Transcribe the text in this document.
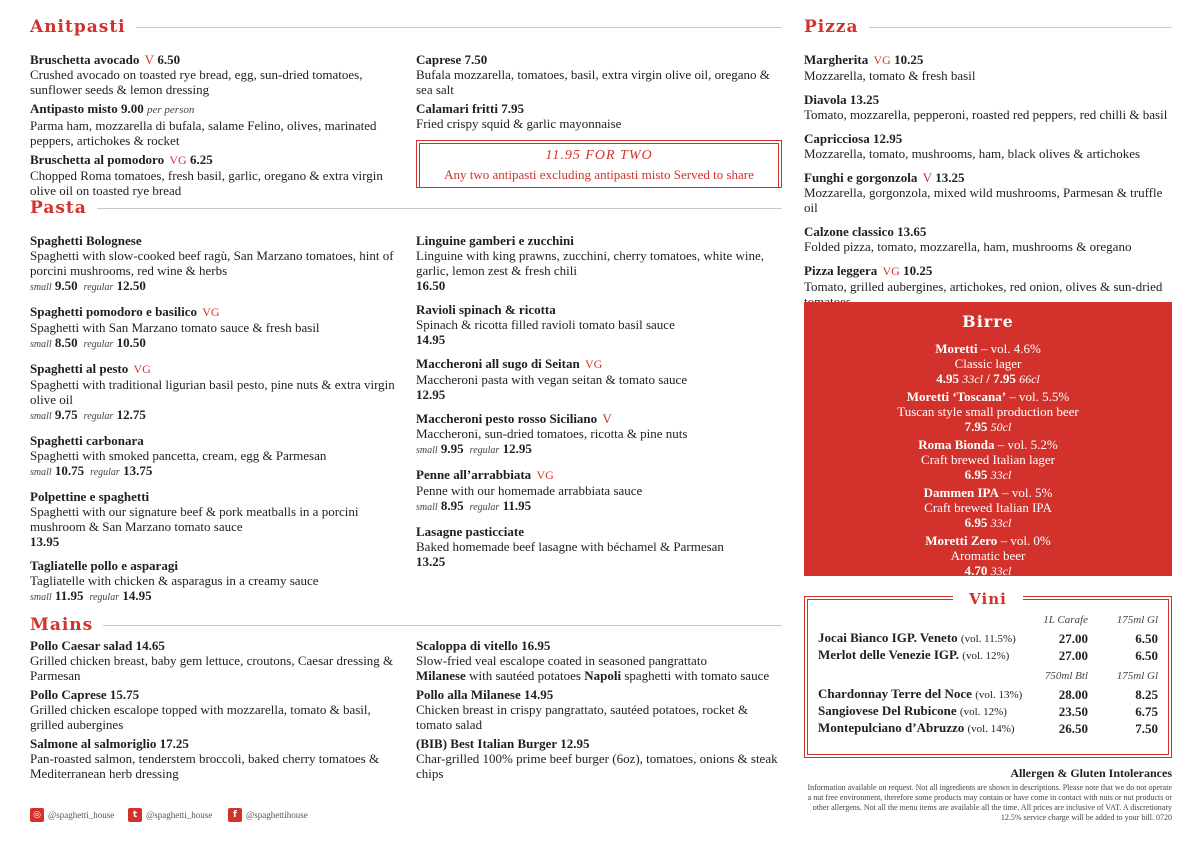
Anitpasti
Bruschetta avocado V 6.50
Crushed avocado on toasted rye bread, egg, sun-dried tomatoes, sunflower seeds & lemon dressing
Antipasto misto 9.00 per person
Parma ham, mozzarella di bufala, salame Felino, olives, marinated peppers, artichokes & rocket
Bruschetta al pomodoro VG 6.25
Chopped Roma tomatoes, fresh basil, garlic, oregano & extra virgin olive oil on toasted rye bread
Caprese 7.50
Bufala mozzarella, tomatoes, basil, extra virgin olive oil, oregano & sea salt
Calamari fritti 7.95
Fried crispy squid & garlic mayonnaise
11.95 FOR TWO
Any two antipasti excluding antipasti misto Served to share
Pasta
Spaghetti Bolognese
Spaghetti with slow-cooked beef ragù, San Marzano tomatoes, hint of porcini mushrooms, red wine & herbs
small 9.50 regular 12.50
Spaghetti pomodoro e basilico VG
Spaghetti with San Marzano tomato sauce & fresh basil
small 8.50 regular 10.50
Spaghetti al pesto VG
Spaghetti with traditional ligurian basil pesto, pine nuts & extra virgin olive oil
small 9.75 regular 12.75
Spaghetti carbonara
Spaghetti with smoked pancetta, cream, egg & Parmesan
small 10.75 regular 13.75
Polpettine e spaghetti
Spaghetti with our signature beef & pork meatballs in a porcini mushroom & San Marzano tomato sauce
13.95
Tagliatelle pollo e asparagi
Tagliatelle with chicken & asparagus in a creamy sauce
small 11.95 regular 14.95
Linguine gamberi e zucchini
Linguine with king prawns, zucchini, cherry tomatoes, white wine, garlic, lemon zest & fresh chili
16.50
Ravioli spinach & ricotta
Spinach & ricotta filled ravioli tomato basil sauce
14.95
Maccheroni all sugo di Seitan VG
Maccheroni pasta with vegan seitan & tomato sauce
12.95
Maccheroni pesto rosso Siciliano V
Maccheroni, sun-dried tomatoes, ricotta & pine nuts
small 9.95 regular 12.95
Penne all’arrabbiata VG
Penne with our homemade arrabbiata sauce
small 8.95 regular 11.95
Lasagne pasticciate
Baked homemade beef lasagne with béchamel & Parmesan
13.25
Mains
Pollo Caesar salad 14.65
Grilled chicken breast, baby gem lettuce, croutons, Caesar dressing & Parmesan
Pollo Caprese 15.75
Grilled chicken escalope topped with mozzarella, tomato & basil, grilled aubergines
Salmone al salmoriglio 17.25
Pan-roasted salmon, tenderstem broccoli, baked cherry tomatoes & Mediterranean herb dressing
Scaloppa di vitello 16.95
Slow-fried veal escalope coated in seasoned pangrattato
Milanese with sautéed potatoes Napoli spaghetti with tomato sauce
Pollo alla Milanese 14.95
Chicken breast in crispy pangrattato, sautéed potatoes, rocket & tomato salad
(BIB) Best Italian Burger 12.95
Char-grilled 100% prime beef burger (6oz), tomatoes, onions & steak chips
Pizza
Margherita VG 10.25
Mozzarella, tomato & fresh basil
Diavola 13.25
Tomato, mozzarella, pepperoni, roasted red peppers, red chilli & basil
Capricciosa 12.95
Mozzarella, tomato, mushrooms, ham, black olives & artichokes
Funghi e gorgonzola V 13.25
Mozzarella, gorgonzola, mixed wild mushrooms, Parmesan & truffle oil
Calzone classico 13.65
Folded pizza, tomato, mozzarella, ham, mushrooms & oregano
Pizza leggera VG 10.25
Tomato, grilled aubergines, artichokes, red onion, olives & sun-dried
Birre
Moretti – vol. 4.6%
Classic lager
4.95 33cl / 7.95 66cl
Moretti ‘Toscana’ – vol. 5.5%
Tuscan style small production beer
7.95 50cl
Roma Bionda – vol. 5.2%
Craft brewed Italian lager
6.95 33cl
Dammen IPA – vol. 5%
Craft brewed Italian IPA
6.95 33cl
Moretti Zero – vol. 0%
Aromatic beer
4.70 33cl
Vini
	1L Carafe	175ml Gl
Jocai Bianco IGP. Veneto (vol. 11.5%)	27.00	6.50
Merlot delle Venezie IGP. (vol. 12%)	27.00	6.50
	750ml Btl	175ml Gl
Chardonnay Terre del Noce (vol. 13%)	28.00	8.25
Sangiovese Del Rubicone (vol. 12%)	23.50	6.75
Montepulciano d’Abruzzo (vol. 14%)	26.50	7.50
Allergen & Gluten Intolerances
Information available on request. Not all ingredients are shown in descriptions. Please note that we do not operate a nut free environment, therefore some products may contain or have come in contact with nuts or nut products or other allergens. Not all the menu items are available all the time. All prices are inclusive of VAT. A discretionary 12.5% service charge will be added to your bill. 0720
◎ @spaghetti_house	t @spaghetti_house	f	@spaghettihouse
